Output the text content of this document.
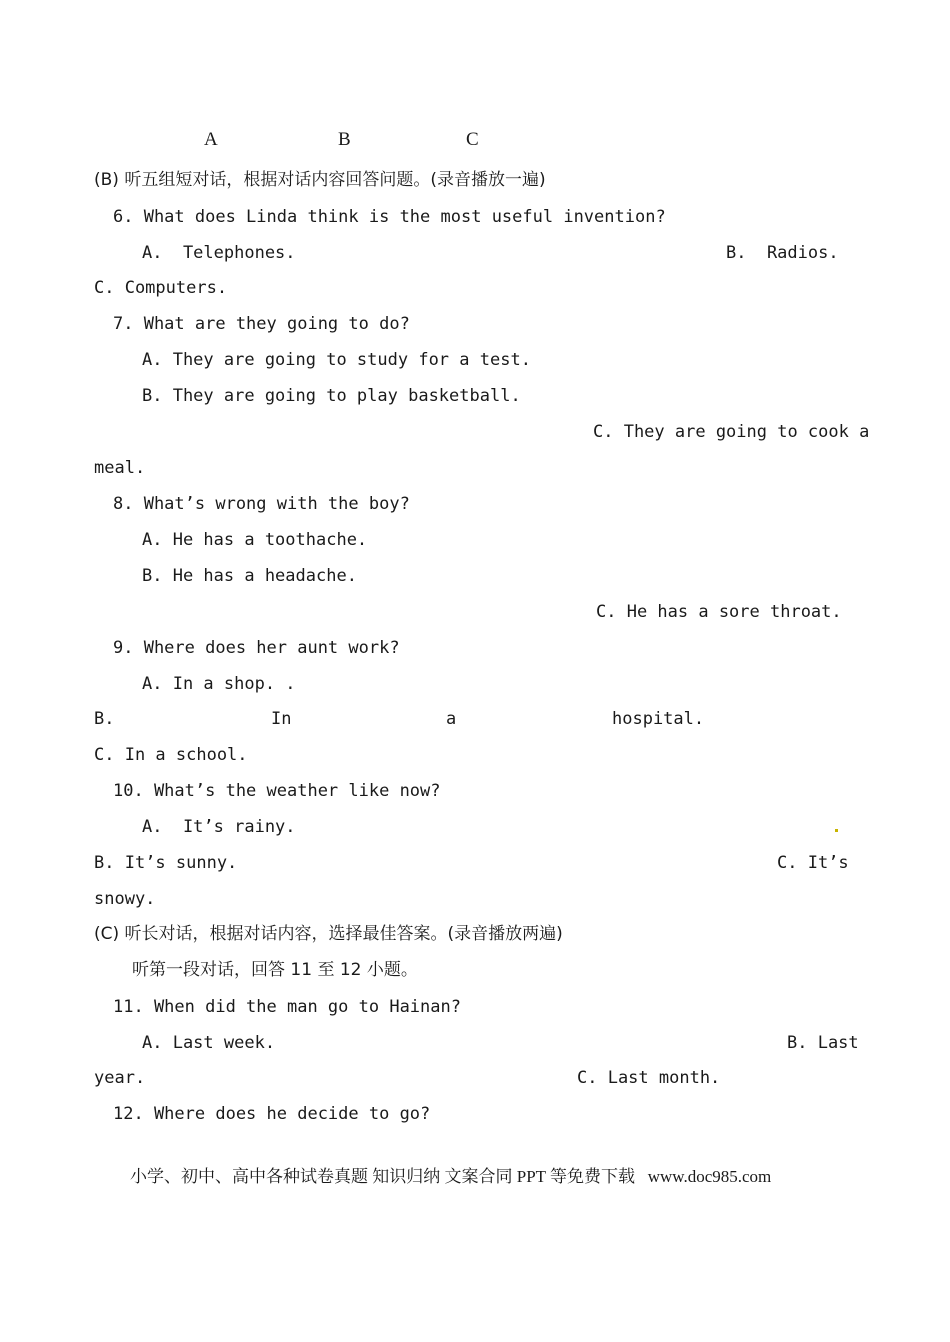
A	B	C
(B) 听五组短对话，根据对话内容回答问题。(录音播放一遍)
6. What does Linda think is the most useful invention?
A.  Telephones.	B.  Radios.
C. Computers.
7. What are they going to do?
A. They are going to study for a test.
B. They are going to play basketball.
C. They are going to cook a
meal.
8. What’s wrong with the boy?
A. He has a toothache.
B. He has a headache.
C. He has a sore throat.
9. Where does her aunt work?
A. In a shop. .
B.	In	a	hospital.
C. In a school.
10. What’s the weather like now?
A.  It’s rainy.
B. It’s sunny.	C. It’s
snowy.
(C) 听长对话，根据对话内容，选择最佳答案。(录音播放两遍)
听第一段对话，回答 11 至 12 小题。
11. When did the man go to Hainan?
A. Last week.	B. Last
year.	C. Last month.
12. Where does he decide to go?
小学、初中、高中各种试卷真题 知识归纳 文案合同 PPT 等免费下载   www.doc985.com
